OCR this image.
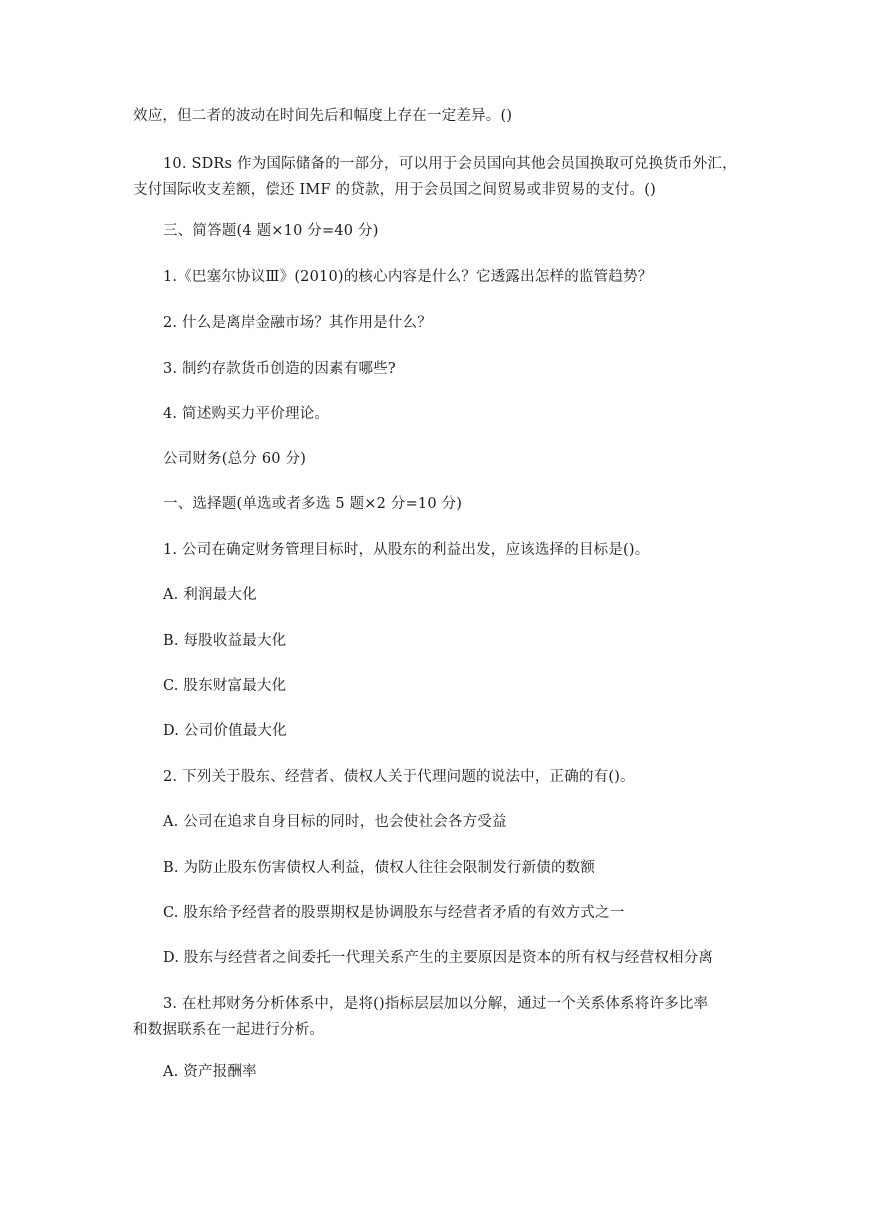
效应，但二者的波动在时间先后和幅度上存在一定差异。()
10. SDRs 作为国际储备的一部分，可以用于会员国向其他会员国换取可兑换货币外汇，
支付国际收支差额，偿还 IMF 的贷款，用于会员国之间贸易或非贸易的支付。()
三、简答题(4 题×10 分=40 分)
1.《巴塞尔协议Ⅲ》(2010)的核心内容是什么？它透露出怎样的监管趋势？
2. 什么是离岸金融市场？其作用是什么？
3. 制约存款货币创造的因素有哪些?
4. 简述购买力平价理论。
公司财务(总分 60 分)
一、选择题(单选或者多选 5 题×2 分=10 分)
1. 公司在确定财务管理目标时，从股东的利益出发，应该选择的目标是()。
A. 利润最大化
B. 每股收益最大化
C. 股东财富最大化
D. 公司价值最大化
2. 下列关于股东、经营者、债权人关于代理问题的说法中，正确的有()。
A. 公司在追求自身目标的同时，也会使社会各方受益
B. 为防止股东伤害债权人利益，债权人往往会限制发行新债的数额
C. 股东给予经营者的股票期权是协调股东与经营者矛盾的有效方式之一
D. 股东与经营者之间委托一代理关系产生的主要原因是资本的所有权与经营权相分离
3. 在杜邦财务分析体系中，是将()指标层层加以分解，通过一个关系体系将许多比率
和数据联系在一起进行分析。
A. 资产报酬率
